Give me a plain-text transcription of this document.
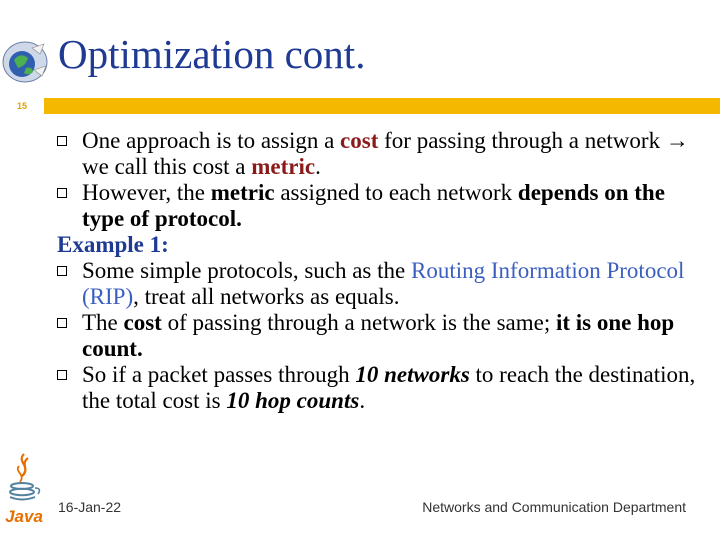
Optimization cont.
15
One approach is to assign a cost for passing through a network → we call this cost a metric.
However, the metric assigned to each network depends on the type of protocol.
Example 1:
Some simple protocols, such as the Routing Information Protocol (RIP), treat all networks as equals.
The cost of passing through a network is the same; it is one hop count.
So if a packet passes through 10 networks to reach the destination, the total cost is 10 hop counts.
Java 16-Jan-22	Networks and Communication Department
